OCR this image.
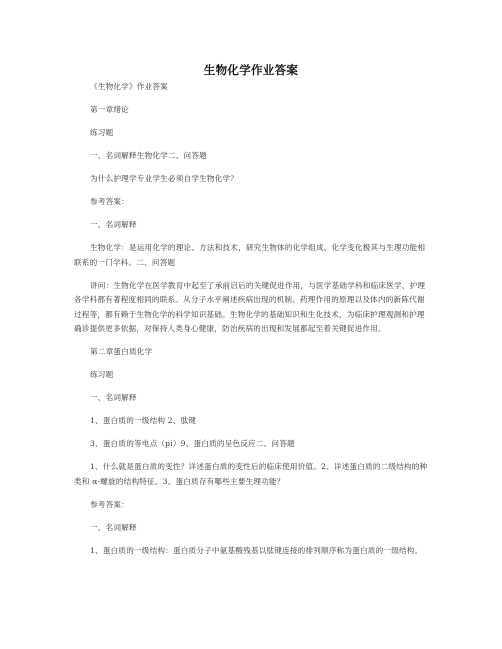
生物化学作业答案

《生物化学》作业答案

第一章绪论

练习题

一、名词解释生物化学二、问答题

为什么护理学专业学生必须自学生物化学？

参考答案：

一、名词解释

生物化学：是运用化学的理论、方法和技术，研究生物体的化学组成、化学变化极其与生理功能相联系的一门学科。二、问答题

讲问：生物化学在医学教育中起至了承前启后的关键促进作用，与医学基础学科和临床医学、护理各学科都有著程度相同的联系。从分子水平阐述疾病出现的机制、药理作用的原理以及体内的新陈代谢过程等，都有赖于生物化学的科学知识基础。生物化学的基础知识和生化技术，为临床护理观测和护理确诊提供更多依据，对保持人类身心健康，防治疾病的出现和发展都起至着关键促进作用。

第二章蛋白质化学

练习题

一、名词解释

1、蛋白质的一级结构 2、肽键

3、蛋白质的等电点（pi）9、蛋白质的呈色反应二、问答题

1、什么就是蛋白质的变性？详述蛋白质的变性后的临床使用价值。2、详述蛋白质的二级结构的种类和 α-螺旋的结构特征。3、蛋白质存有哪些主要生理功能？

参考答案：

一、名词解释

1、蛋白质的一级结构：蛋白质分子中氨基酸残基以肽键连接的排列顺序称为蛋白质的一级结构。
